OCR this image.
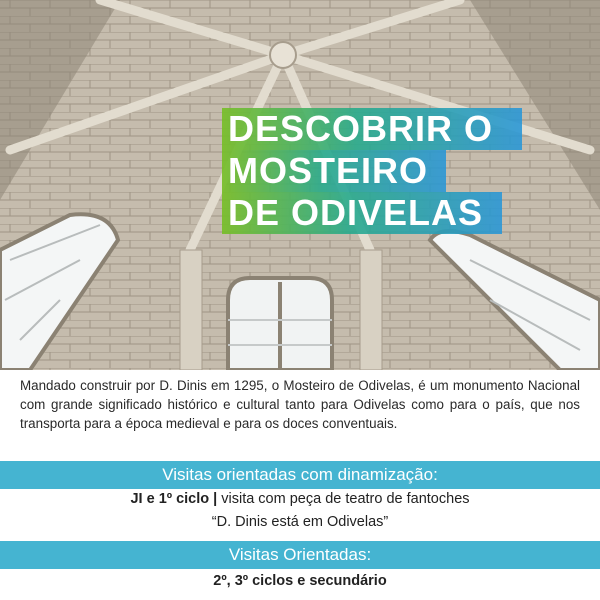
DESCOBRIR O
MOSTEIRO
DE ODIVELAS
Mandado construir por D. Dinis em 1295, o Mosteiro de Odivelas, é um monumento Nacional com grande significado histórico e cultural tanto para Odivelas como para o país, que nos transporta para a época medieval e para os doces conventuais.
Visitas orientadas com dinamização:
JI e 1º ciclo | visita com peça de teatro de fantoches
“D. Dinis está em Odivelas”
Visitas Orientadas:
2º, 3º ciclos e secundário
